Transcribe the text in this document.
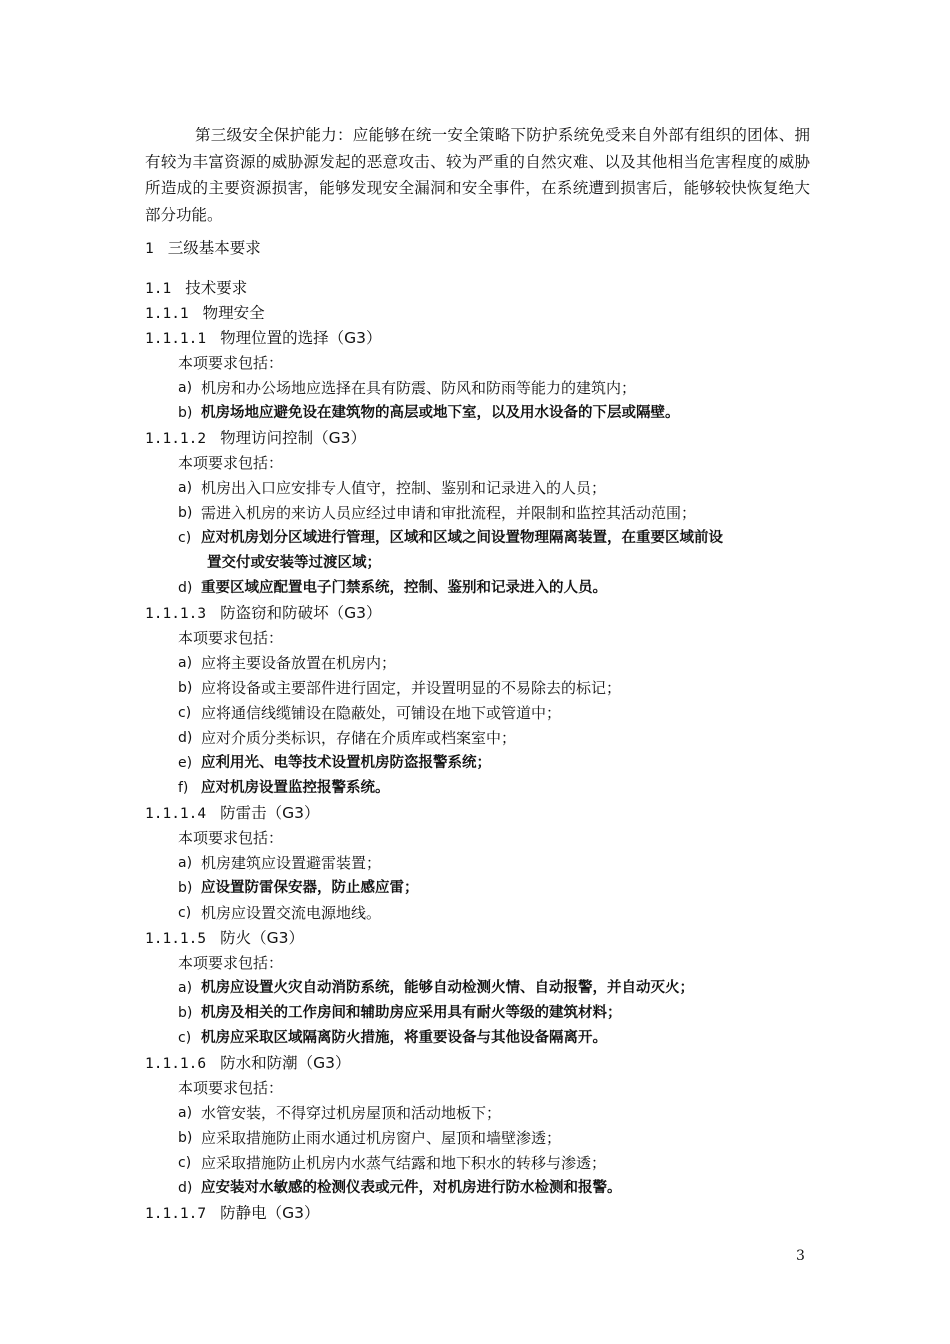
第三级安全保护能力：应能够在统一安全策略下防护系统免受来自外部有组织的团体、拥有较为丰富资源的威胁源发起的恶意攻击、较为严重的自然灾难、以及其他相当危害程度的威胁所造成的主要资源损害，能够发现安全漏洞和安全事件，在系统遭到损害后，能够较快恢复绝大部分功能。

1 三级基本要求
1.1 技术要求
1.1.1 物理安全
1.1.1.1 物理位置的选择（G3）
本项要求包括：
a) 机房和办公场地应选择在具有防震、防风和防雨等能力的建筑内；
b) 机房场地应避免设在建筑物的高层或地下室，以及用水设备的下层或隔壁。
1.1.1.2 物理访问控制（G3）
本项要求包括：
a) 机房出入口应安排专人值守，控制、鉴别和记录进入的人员；
b) 需进入机房的来访人员应经过申请和审批流程，并限制和监控其活动范围；
c) 应对机房划分区域进行管理，区域和区域之间设置物理隔离装置，在重要区域前设
置交付或安装等过渡区域；
d) 重要区域应配置电子门禁系统，控制、鉴别和记录进入的人员。
1.1.1.3 防盗窃和防破坏（G3）
本项要求包括：
a) 应将主要设备放置在机房内；
b) 应将设备或主要部件进行固定，并设置明显的不易除去的标记；
c) 应将通信线缆铺设在隐蔽处，可铺设在地下或管道中；
d) 应对介质分类标识，存储在介质库或档案室中；
e) 应利用光、电等技术设置机房防盗报警系统；
f) 应对机房设置监控报警系统。
1.1.1.4 防雷击（G3）
本项要求包括：
a) 机房建筑应设置避雷装置；
b) 应设置防雷保安器，防止感应雷；
c) 机房应设置交流电源地线。
1.1.1.5 防火（G3）
本项要求包括：
a) 机房应设置火灾自动消防系统，能够自动检测火情、自动报警，并自动灭火；
b) 机房及相关的工作房间和辅助房应采用具有耐火等级的建筑材料；
c) 机房应采取区域隔离防火措施，将重要设备与其他设备隔离开。
1.1.1.6 防水和防潮（G3）
本项要求包括：
a) 水管安装，不得穿过机房屋顶和活动地板下；
b) 应采取措施防止雨水通过机房窗户、屋顶和墙壁渗透；
c) 应采取措施防止机房内水蒸气结露和地下积水的转移与渗透；
d) 应安装对水敏感的检测仪表或元件，对机房进行防水检测和报警。
1.1.1.7 防静电（G3）
3
